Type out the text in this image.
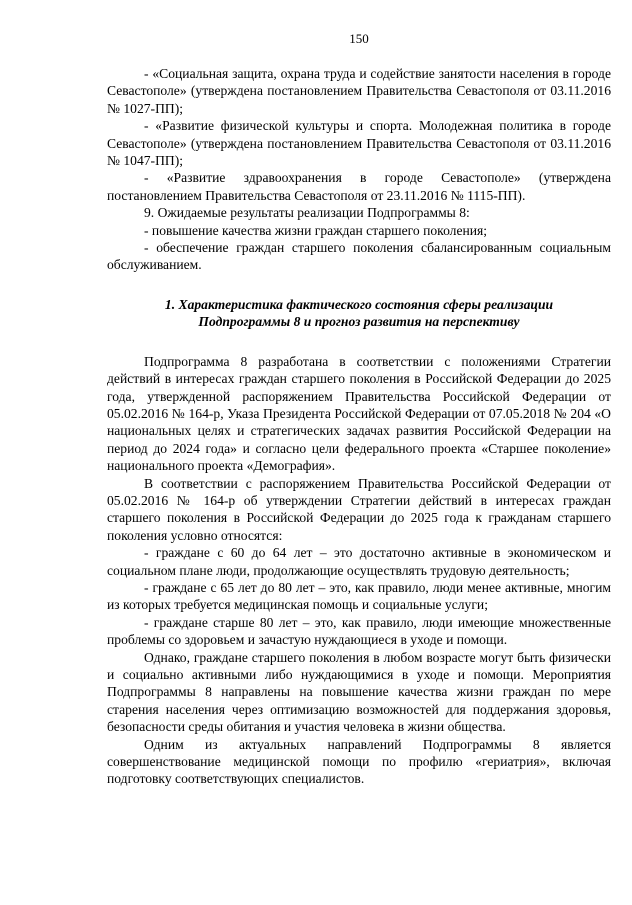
150

- «Социальная защита, охрана труда и содействие занятости населения в городе Севастополе» (утверждена постановлением Правительства Севастополя от 03.11.2016 № 1027-ПП);

- «Развитие физической культуры и спорта. Молодежная политика в городе Севастополе» (утверждена постановлением Правительства Севастополя от 03.11.2016 № 1047-ПП);

- «Развитие здравоохранения в городе Севастополе» (утверждена постановлением Правительства Севастополя от 23.11.2016 № 1115-ПП).

9. Ожидаемые результаты реализации Подпрограммы 8:

- повышение качества жизни граждан старшего поколения;

- обеспечение граждан старшего поколения сбалансированным социальным обслуживанием.

1. Характеристика фактического состояния сферы реализации
Подпрограммы 8 и прогноз развития на перспективу

Подпрограмма 8 разработана в соответствии с положениями Стратегии действий в интересах граждан старшего поколения в Российской Федерации до 2025 года, утвержденной распоряжением Правительства Российской Федерации от 05.02.2016 № 164-р, Указа Президента Российской Федерации от 07.05.2018 № 204 «О национальных целях и стратегических задачах развития Российской Федерации на период до 2024 года» и согласно цели федерального проекта «Старшее поколение» национального проекта «Демография».

В соответствии с распоряжением Правительства Российской Федерации от 05.02.2016 № 164-р об утверждении Стратегии действий в интересах граждан старшего поколения в Российской Федерации до 2025 года к гражданам старшего поколения условно относятся:

- граждане с 60 до 64 лет – это достаточно активные в экономическом и социальном плане люди, продолжающие осуществлять трудовую деятельность;

- граждане с 65 лет до 80 лет – это, как правило, люди менее активные, многим из которых требуется медицинская помощь и социальные услуги;

- граждане старше 80 лет – это, как правило, люди имеющие множественные проблемы со здоровьем и зачастую нуждающиеся в уходе и помощи.

Однако, граждане старшего поколения в любом возрасте могут быть физически и социально активными либо нуждающимися в уходе и помощи. Мероприятия Подпрограммы 8 направлены на повышение качества жизни граждан по мере старения населения через оптимизацию возможностей для поддержания здоровья, безопасности среды обитания и участия человека в жизни общества.

Одним из актуальных направлений Подпрограммы 8 является совершенствование медицинской помощи по профилю «гериатрия», включая подготовку соответствующих специалистов.
